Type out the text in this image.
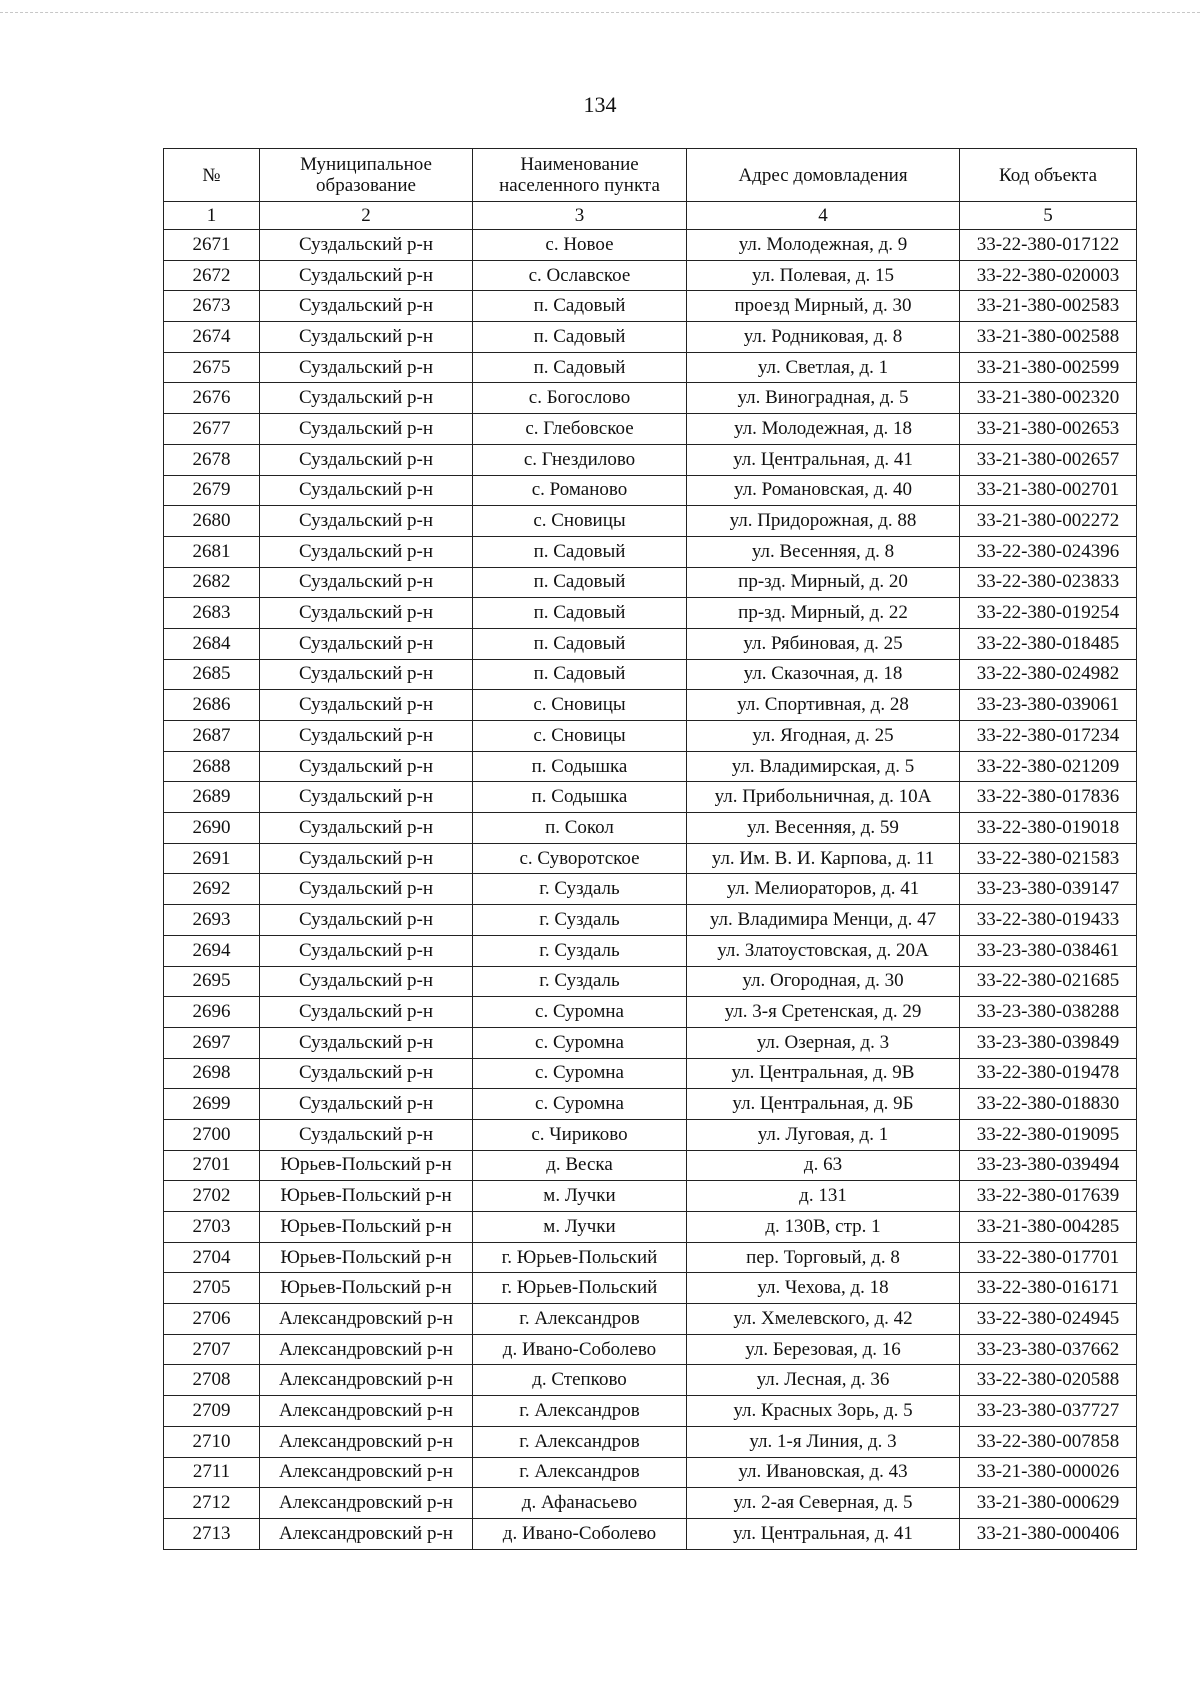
134
№	Муниципальное образование	Наименование населенного пункта	Адрес домовладения	Код объекта
1	2	3	4	5
2671	Суздальский р-н	с. Новое	ул. Молодежная, д. 9	33-22-380-017122
2672	Суздальский р-н	с. Ославское	ул. Полевая, д. 15	33-22-380-020003
2673	Суздальский р-н	п. Садовый	проезд Мирный, д. 30	33-21-380-002583
2674	Суздальский р-н	п. Садовый	ул. Родниковая, д. 8	33-21-380-002588
2675	Суздальский р-н	п. Садовый	ул. Светлая, д. 1	33-21-380-002599
2676	Суздальский р-н	с. Богослово	ул. Виноградная, д. 5	33-21-380-002320
2677	Суздальский р-н	с. Глебовское	ул. Молодежная, д. 18	33-21-380-002653
2678	Суздальский р-н	с. Гнездилово	ул. Центральная, д. 41	33-21-380-002657
2679	Суздальский р-н	с. Романово	ул. Романовская, д. 40	33-21-380-002701
2680	Суздальский р-н	с. Сновицы	ул. Придорожная, д. 88	33-21-380-002272
2681	Суздальский р-н	п. Садовый	ул. Весенняя, д. 8	33-22-380-024396
2682	Суздальский р-н	п. Садовый	пр-зд. Мирный, д. 20	33-22-380-023833
2683	Суздальский р-н	п. Садовый	пр-зд. Мирный, д. 22	33-22-380-019254
2684	Суздальский р-н	п. Садовый	ул. Рябиновая, д. 25	33-22-380-018485
2685	Суздальский р-н	п. Садовый	ул. Сказочная, д. 18	33-22-380-024982
2686	Суздальский р-н	с. Сновицы	ул. Спортивная, д. 28	33-23-380-039061
2687	Суздальский р-н	с. Сновицы	ул. Ягодная, д. 25	33-22-380-017234
2688	Суздальский р-н	п. Содышка	ул. Владимирская, д. 5	33-22-380-021209
2689	Суздальский р-н	п. Содышка	ул. Прибольничная, д. 10А	33-22-380-017836
2690	Суздальский р-н	п. Сокол	ул. Весенняя, д. 59	33-22-380-019018
2691	Суздальский р-н	с. Суворотское	ул. Им. В. И. Карпова, д. 11	33-22-380-021583
2692	Суздальский р-н	г. Суздаль	ул. Мелиораторов, д. 41	33-23-380-039147
2693	Суздальский р-н	г. Суздаль	ул. Владимира Менци, д. 47	33-22-380-019433
2694	Суздальский р-н	г. Суздаль	ул. Златоустовская, д. 20А	33-23-380-038461
2695	Суздальский р-н	г. Суздаль	ул. Огородная, д. 30	33-22-380-021685
2696	Суздальский р-н	с. Суромна	ул. 3-я Сретенская, д. 29	33-23-380-038288
2697	Суздальский р-н	с. Суромна	ул. Озерная, д. 3	33-23-380-039849
2698	Суздальский р-н	с. Суромна	ул. Центральная, д. 9В	33-22-380-019478
2699	Суздальский р-н	с. Суромна	ул. Центральная, д. 9Б	33-22-380-018830
2700	Суздальский р-н	с. Чириково	ул. Луговая, д. 1	33-22-380-019095
2701	Юрьев-Польский р-н	д. Веска	д. 63	33-23-380-039494
2702	Юрьев-Польский р-н	м. Лучки	д. 131	33-22-380-017639
2703	Юрьев-Польский р-н	м. Лучки	д. 130В, стр. 1	33-21-380-004285
2704	Юрьев-Польский р-н	г. Юрьев-Польский	пер. Торговый, д. 8	33-22-380-017701
2705	Юрьев-Польский р-н	г. Юрьев-Польский	ул. Чехова, д. 18	33-22-380-016171
2706	Александровский р-н	г. Александров	ул. Хмелевского, д. 42	33-22-380-024945
2707	Александровский р-н	д. Ивано-Соболево	ул. Березовая, д. 16	33-23-380-037662
2708	Александровский р-н	д. Степково	ул. Лесная, д. 36	33-22-380-020588
2709	Александровский р-н	г. Александров	ул. Красных Зорь, д. 5	33-23-380-037727
2710	Александровский р-н	г. Александров	ул. 1-я Линия, д. 3	33-22-380-007858
2711	Александровский р-н	г. Александров	ул. Ивановская, д. 43	33-21-380-000026
2712	Александровский р-н	д. Афанасьево	ул. 2-ая Северная, д. 5	33-21-380-000629
2713	Александровский р-н	д. Ивано-Соболево	ул. Центральная, д. 41	33-21-380-000406
